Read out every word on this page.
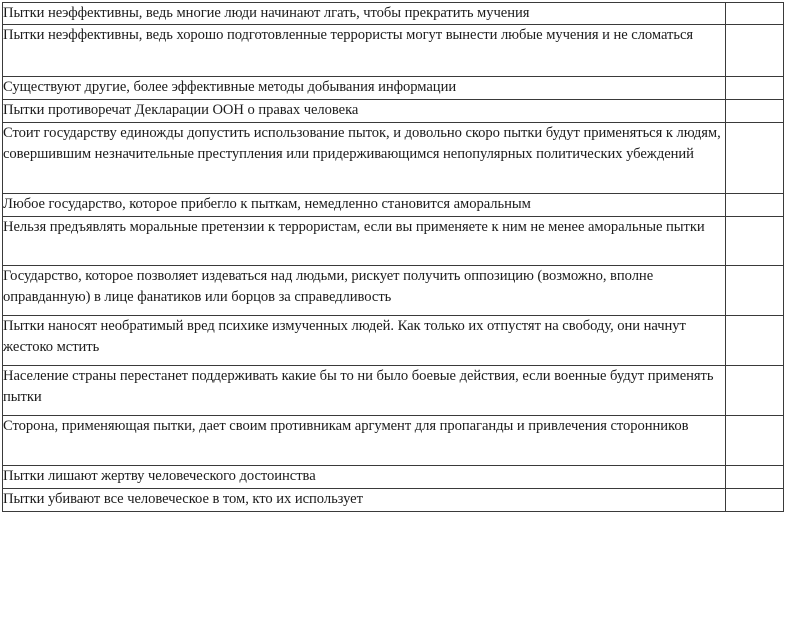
Пытки неэффективны, ведь многие люди начинают лгать, чтобы прекратить мучения	

Пытки неэффективны, ведь хорошо подготовленные террористы могут вынести любые мучения и не сломаться	

Существуют другие, более эффективные методы добывания информации	

Пытки противоречат Декларации ООН о правах человека	

Стоит государству единожды допустить использование пыток, и довольно скоро пытки будут применяться к людям, совершившим незначительные преступления или придерживающимся непопулярных политических убеждений	

Любое государство, которое прибегло к пыткам, немедленно становится аморальным	

Нельзя предъявлять моральные претензии к террористам, если вы применяете к ним не менее аморальные пытки	

Государство, которое позволяет издеваться над людьми, рискует получить оппозицию (возможно, вполне оправданную) в лице фанатиков или борцов за справедливость	

Пытки наносят необратимый вред психике измученных людей. Как только их отпустят на свободу, они начнут жестоко мстить	

Население страны перестанет поддерживать какие бы то ни было боевые действия, если военные будут применять пытки	

Сторона, применяющая пытки, дает своим противникам аргумент для пропаганды и привлечения сторонников	

Пытки лишают жертву человеческого достоинства	

Пытки убивают все человеческое в том, кто их использует	
